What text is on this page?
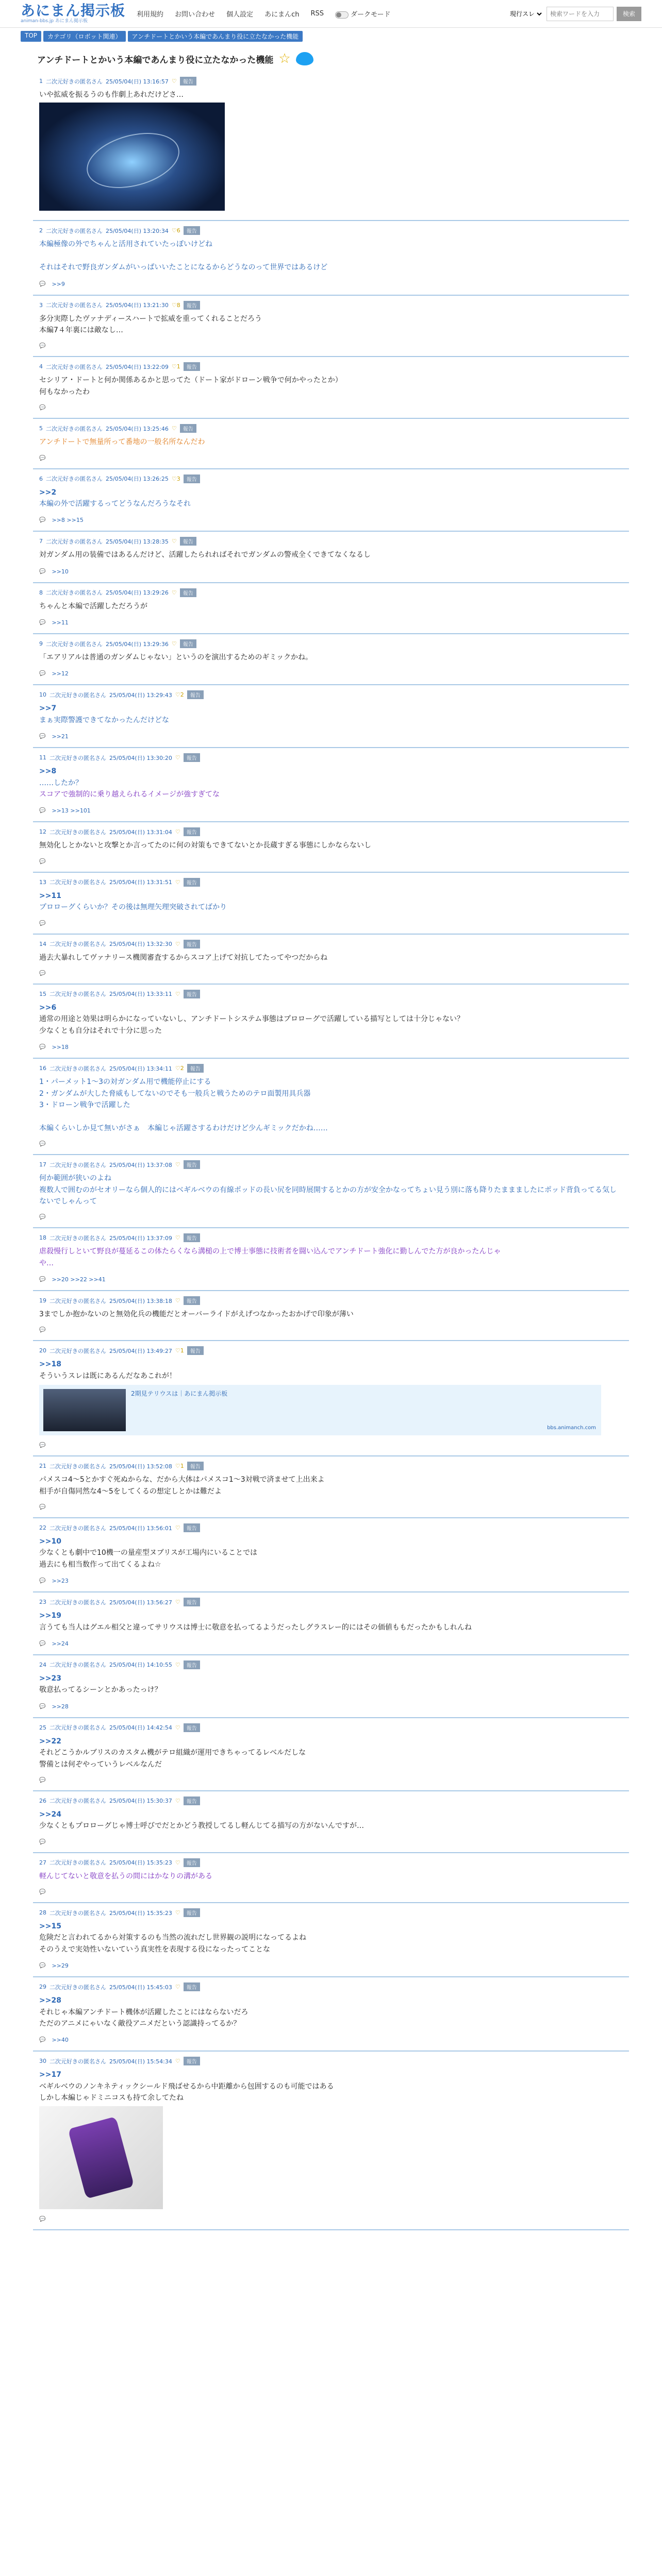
あにまん掲示板
animan-bbs.jp あにまん掲示板
利用規約 お問い合わせ 個人設定 あにまんch RSS	ダークモード
現行スレ
検索ワードを入力	検索
TOP	カテゴリ（ロボット関連）	アンチドートとかいう本編であんまり役に立たなかった機能
アンチドートとかいう本編であんまり役に立たなかった機能 ☆
1 二次元好きの匿名さん 25/05/04(日) 13:16:57 ♡	報告
いや拡威を振るうのも作劇上あれだけどさ…
2 二次元好きの匿名さん 25/05/04(日) 13:20:34 ♡6	報告
本編極像の外でちゃんと活用されていたっぽいけどね

それはそれで野良ガンダムがいっぱいいたことになるからどうなのって世界ではあるけど
💬 >>9
3 二次元好きの匿名さん 25/05/04(日) 13:21:30 ♡8	報告
多分実際したヴァナディースハートで拡威を重ってくれることだろう
本編7４年裏には敵なし…
💬
4 二次元好きの匿名さん 25/05/04(日) 13:22:09 ♡1	報告
セシリア・ドートと何か関係あるかと思ってた（ドート家がドローン戦争で何かやったとか）
何もなかったわ
💬
5 二次元好きの匿名さん 25/05/04(日) 13:25:46 ♡	報告
アンチドートで無量所って番地の一般名所なんだわ
💬
6 二次元好きの匿名さん 25/05/04(日) 13:26:25 ♡3	報告
>>2
本編の外で活躍するってどうなんだろうなそれ
💬 >>8 >>15
7 二次元好きの匿名さん 25/05/04(日) 13:28:35 ♡	報告
対ガンダム用の装備ではあるんだけど、活躍したられればそれでガンダムの警戒全くできてなくなるし
💬 >>10
8 二次元好きの匿名さん 25/05/04(日) 13:29:26 ♡	報告
ちゃんと本編で活躍しただろうが
💬 >>11
9 二次元好きの匿名さん 25/05/04(日) 13:29:36 ♡	報告
「エアリアルは普通のガンダムじゃない」というのを演出するためのギミックかね。
💬 >>12
10 二次元好きの匿名さん 25/05/04(日) 13:29:43 ♡2	報告
>>7
まぁ実際警護できてなかったんだけどな
💬 >>21
11 二次元好きの匿名さん 25/05/04(日) 13:30:20 ♡	報告
>>8
……したか？
スコアで強制的に乗り越えられるイメージが強すぎてな
💬 >>13 >>101
12 二次元好きの匿名さん 25/05/04(日) 13:31:04 ♡	報告
無効化しとかないと攻撃とか言ってたのに何の対策もできてないとか長蔵すぎる事態にしかならないし
💬
13 二次元好きの匿名さん 25/05/04(日) 13:31:51 ♡	報告
>>11
プロローグくらいか？その後は無理矢理突破されてばかり
💬
14 二次元好きの匿名さん 25/05/04(日) 13:32:30 ♡	報告
過去大暴れしてヴァナリース機関審査するからスコア上げて対抗してたってやつだからね
💬
15 二次元好きの匿名さん 25/05/04(日) 13:33:11 ♡	報告
>>6
通常の用途と効果は明らかになっていないし、アンチドートシステム事態はプロローグで活躍している描写としては十分じゃない？
少なくとも自分はそれで十分に思った
💬 >>18
16 二次元好きの匿名さん 25/05/04(日) 13:34:11 ♡2	報告
1・パーメット1〜3の対ガンダム用で機能停止にする
2・ガンダムが大した脅威もしてないのでそも一般兵と戦うためのテロ面製用具兵器
3・ドローン戦争で活躍した

本編くらいしか見て無いがさぁ　本編じゃ活躍さするわけだけど少んギミックだかね……
💬
17 二次元好きの匿名さん 25/05/04(日) 13:37:08 ♡	報告
何か範囲が狭いのよね
複数人で囲むのがセオリーなら個人的にはベギルベウの有線ポッドの長い尻を同時展開するとかの方が安全かなってちょい見う別に落も降りたままましたにポッド背負ってる気しないでしゃんって
💬
18 二次元好きの匿名さん 25/05/04(日) 13:37:09 ♡	報告
虐殺慢行しといて野良が蔓延るこの体たらくなら溝槌の上で博士事態に技術者を闘い込んでアンチドート強化に勤しんでた方が良かったんじゃ
や…
💬 >>20 >>22 >>41
19 二次元好きの匿名さん 25/05/04(日) 13:38:18 ♡	報告
3までしか抱かないのと無効化兵の機能だとオーバーライドがえげつなかったおかげで印象が薄い
💬
20 二次元好きの匿名さん 25/05/04(日) 13:49:27 ♡1	報告
>>18
そういうスレは既にあるんだなあこれが！
2期見テリウスは｜あにまん掲示板
bbs.animanch.com
💬
21 二次元好きの匿名さん 25/05/04(日) 13:52:08 ♡1	報告
パメスコ4〜5とかすぐ死ぬからな、だから大体はパメスコ1〜3対戦で済ませて上出来よ
相手が自傷同然な4〜5をしてくるの想定しとかは難だよ
💬
22 二次元好きの匿名さん 25/05/04(日) 13:56:01 ♡	報告
>>10
少なくとも劇中で10機一の量産型ヌブリスが工場内にいることでは
過去にも相当数作って出てくるよね☆
💬 >>23
23 二次元好きの匿名さん 25/05/04(日) 13:56:27 ♡	報告
>>19
言うても当人はグエル相父と違ってサリウスは博士に敬意を払ってるようだったしグラスレー的にはその価値ももだったかもしれんね
💬 >>24
24 二次元好きの匿名さん 25/05/04(日) 14:10:55 ♡	報告
>>23
敬意払ってるシーンとかあったっけ？
💬 >>28
25 二次元好きの匿名さん 25/05/04(日) 14:42:54 ♡	報告
>>22
それどこうかルブリスのカスタム機がテロ組織が運用できちゃってるレベルだしな
警備とは何ぞやっていうレベルなんだ
💬
26 二次元好きの匿名さん 25/05/04(日) 15:30:37 ♡	報告
>>24
少なくともプロローグじゃ博士呼びでだとかどう教授してるし軽んじてる描写の方がないんですが…
💬
27 二次元好きの匿名さん 25/05/04(日) 15:35:23 ♡	報告
軽んじてないと敬意を払うの間にはかなりの溝がある
💬
28 二次元好きの匿名さん 25/05/04(日) 15:35:23 ♡	報告
>>15
危険だと言われてるから対策するのも当然の流れだし世界観の説明になってるよね
そのうえで実効性いないていう真実性を表現する役になったってことな
💬 >>29
29 二次元好きの匿名さん 25/05/04(日) 15:45:03 ♡	報告
>>28
それじゃ本編アンチドート機体が活躍したことにはならないだろ
ただのアニメにゃいなく敵役アニメだという認識持ってるか？
💬 >>40
30 二次元好きの匿名さん 25/05/04(日) 15:54:34 ♡	報告
>>17
ベギルベウのノンキネティックシールド飛ばせるから中距離から包囲するのも可能ではある
しかし本編じゃドミニコスも持て余してたね
💬
